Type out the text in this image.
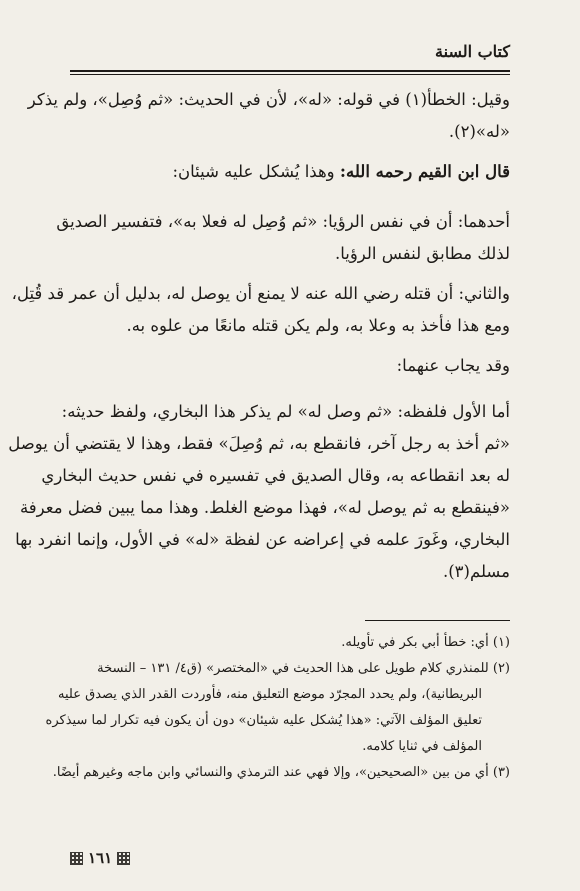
كتاب السنة
وقيل: الخطأ(١) في قوله: «له»، لأن في الحديث: «ثم وُصِل»، ولم يذكر
«له»(٢).
قال ابن القيم رحمه الله: وهذا يُشكل عليه شيئان:
أحدهما: أن في نفس الرؤيا: «ثم وُصِل له فعلا به»، فتفسير الصديق
لذلك مطابق لنفس الرؤيا.
والثاني: أن قتله رضي الله عنه لا يمنع أن يوصل له، بدليل أن عمر قد قُتِل،
ومع هذا فأخذ به وعلا به، ولم يكن قتله مانعًا من علوه به.
وقد يجاب عنهما:
أما الأول فلفظه: «ثم وصل له» لم يذكر هذا البخاري، ولفظ حديثه:
«ثم أخذ به رجل آخر، فانقطع به، ثم وُصِلَ» فقط، وهذا لا يقتضي أن يوصل
له بعد انقطاعه به، وقال الصديق في تفسيره في نفس حديث البخاري
«فينقطع به ثم يوصل له»، فهذا موضع الغلط. وهذا مما يبين فضل معرفة
البخاري، وغَورَ علمه في إعراضه عن لفظة «له» في الأول، وإنما انفرد بها
مسلم(٣).
(١) أي: خطأ أبي بكر في تأويله.
(٢) للمنذري كلام طويل على هذا الحديث في «المختصر» (ق٤/ ١٣١ – النسخة
البريطانية)، ولم يحدد المجرّد موضع التعليق منه، فأوردت القدر الذي يصدق عليه
تعليق المؤلف الآتي: «هذا يُشكل عليه شيئان» دون أن يكون فيه تكرار لما سيذكره
المؤلف في ثنايا كلامه.
(٣) أي من بين «الصحيحين»، وإلا فهي عند الترمذي والنسائي وابن ماجه وغيرهم أيضًا.
١٦١
